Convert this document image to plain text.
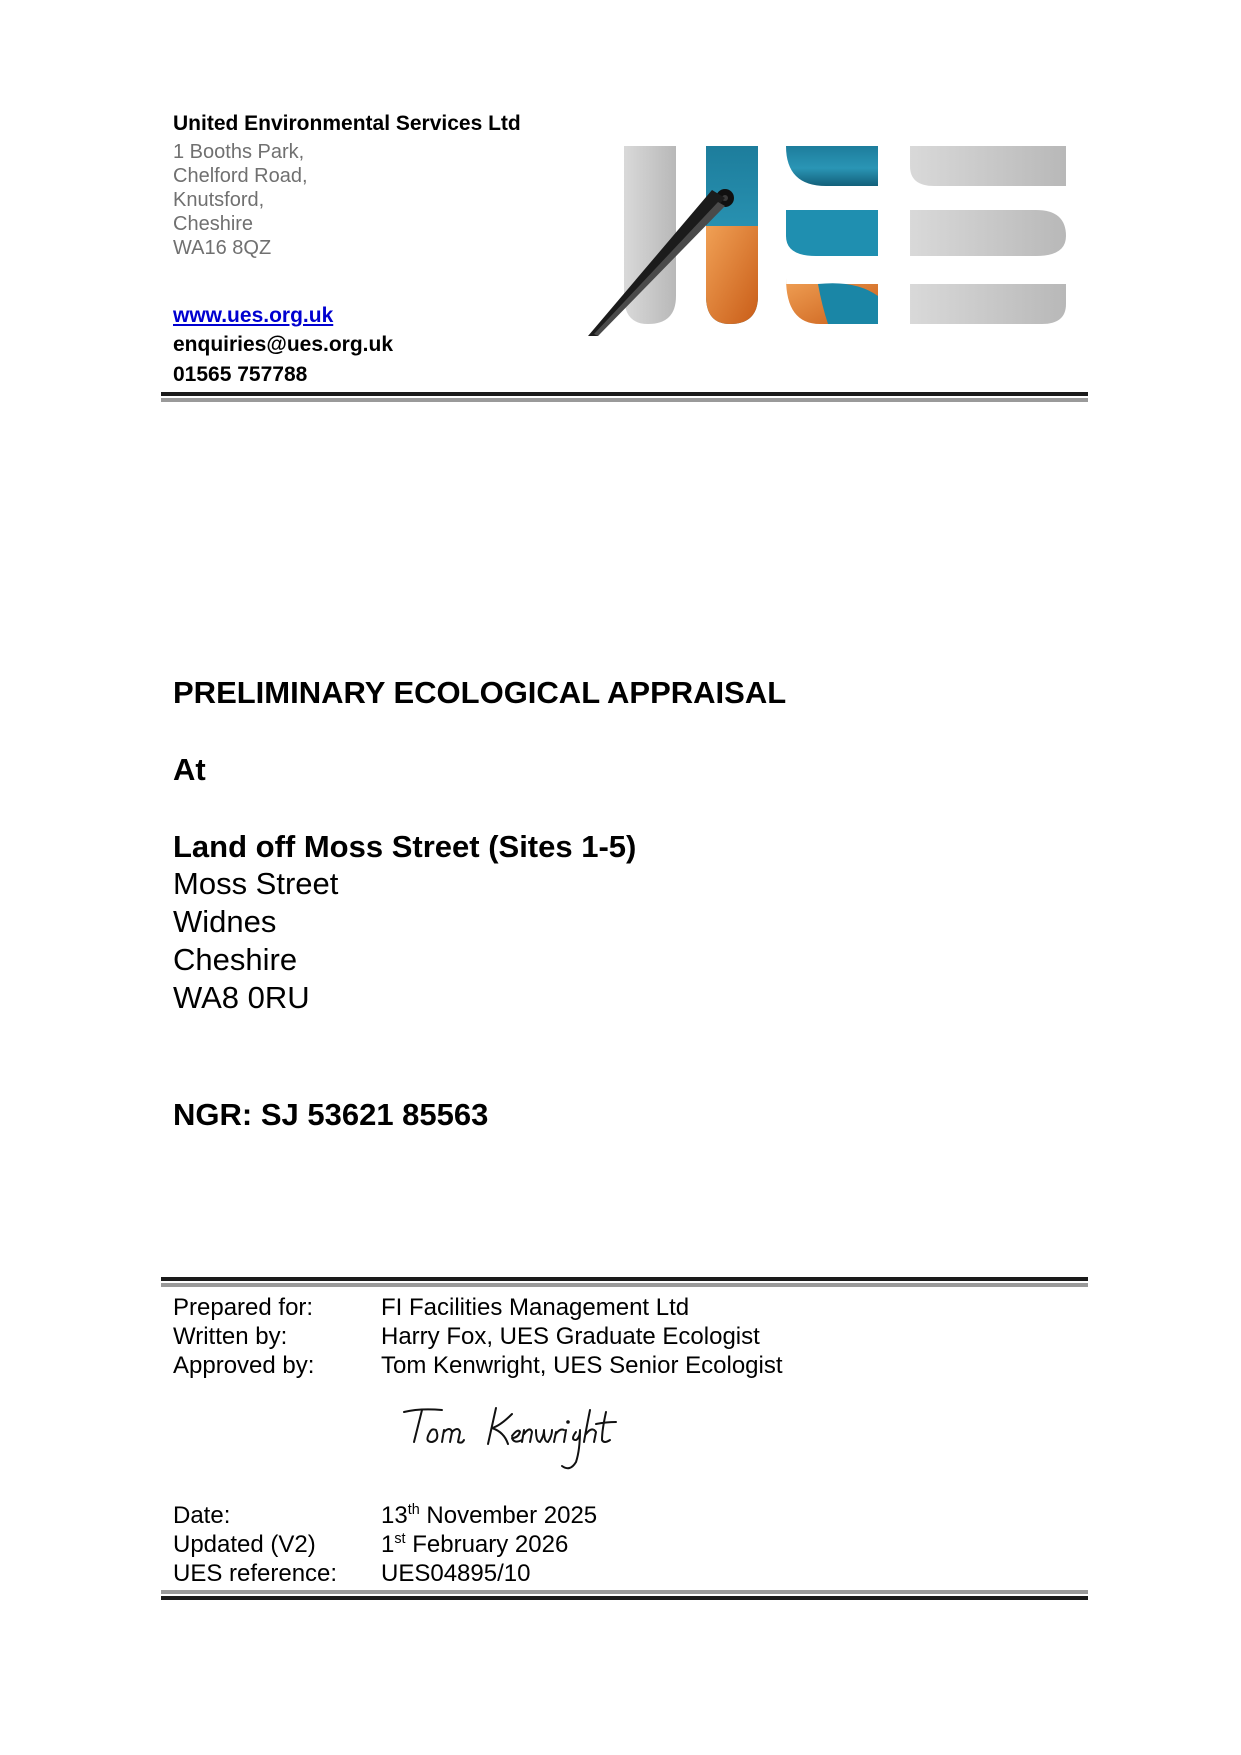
United Environmental Services Ltd
1 Booths Park,
Chelford Road,
Knutsford,
Cheshire
WA16 8QZ
www.ues.org.uk
enquiries@ues.org.uk
01565 757788
PRELIMINARY ECOLOGICAL APPRAISAL
At
Land off Moss Street (Sites 1-5)
Moss Street
Widnes
Cheshire
WA8 0RU
NGR: SJ 53621 85563
Prepared for:	FI Facilities Management Ltd
Written by:	Harry Fox, UES Graduate Ecologist
Approved by:	Tom Kenwright, UES Senior Ecologist
Date:	13th November 2025
Updated (V2)	1st February 2026
UES reference: UES04895/10
